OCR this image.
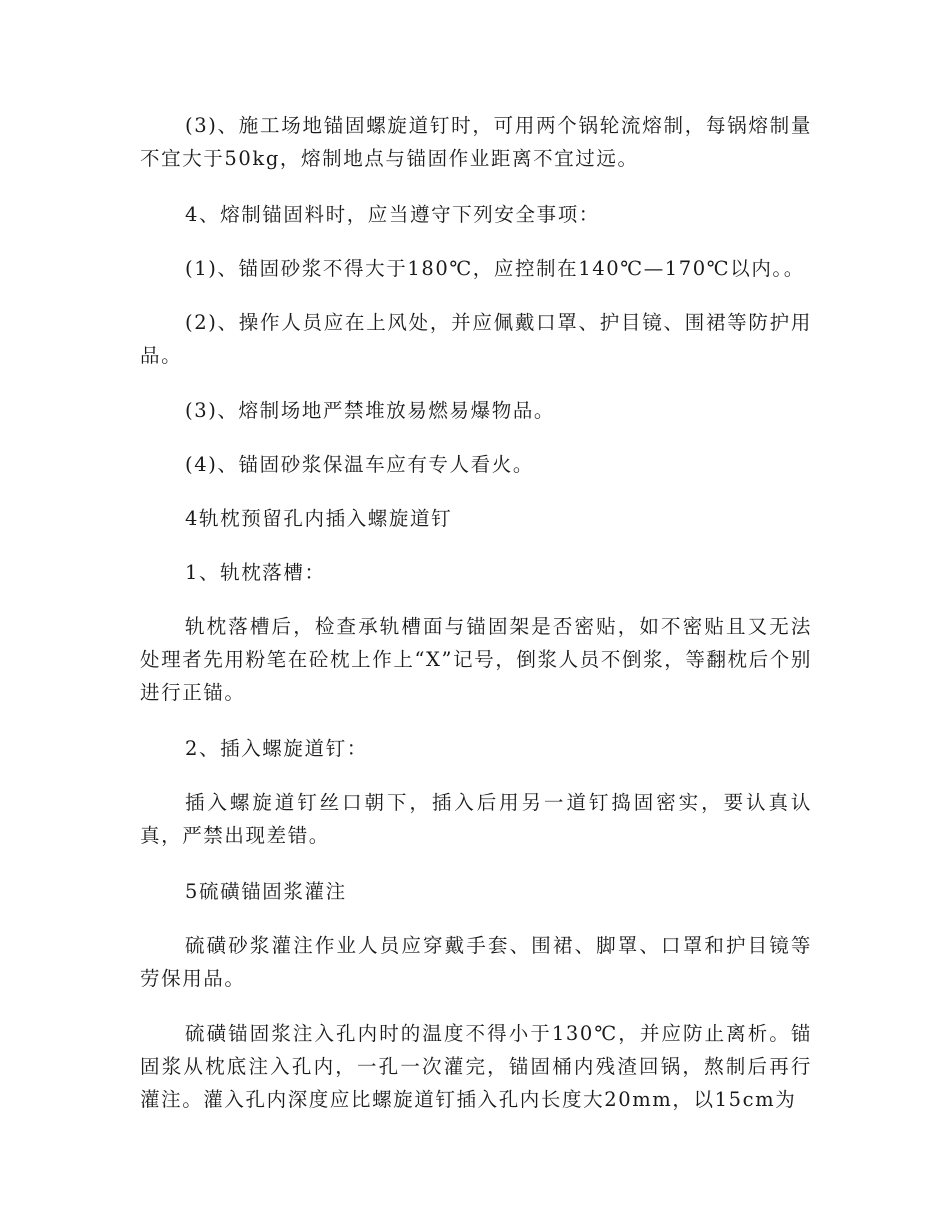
(3)、施工场地锚固螺旋道钉时，可用两个锅轮流熔制，每锅熔制量不宜大于50kg，熔制地点与锚固作业距离不宜过远。

4、熔制锚固料时，应当遵守下列安全事项：

(1)、锚固砂浆不得大于180℃，应控制在140℃—170℃以内。。

(2)、操作人员应在上风处，并应佩戴口罩、护目镜、围裙等防护用品。

(3)、熔制场地严禁堆放易燃易爆物品。

(4)、锚固砂浆保温车应有专人看火。

4轨枕预留孔内插入螺旋道钉

1、轨枕落槽：

轨枕落槽后，检查承轨槽面与锚固架是否密贴，如不密贴且又无法处理者先用粉笔在砼枕上作上“X”记号，倒浆人员不倒浆，等翻枕后个别进行正锚。

2、插入螺旋道钉：

插入螺旋道钉丝口朝下，插入后用另一道钉捣固密实，要认真认真，严禁出现差错。

5硫磺锚固浆灌注

硫磺砂浆灌注作业人员应穿戴手套、围裙、脚罩、口罩和护目镜等劳保用品。

硫磺锚固浆注入孔内时的温度不得小于130℃，并应防止离析。锚固浆从枕底注入孔内，一孔一次灌完，锚固桶内残渣回锅，熬制后再行灌注。灌入孔内深度应比螺旋道钉插入孔内长度大20mm，以15cm为
